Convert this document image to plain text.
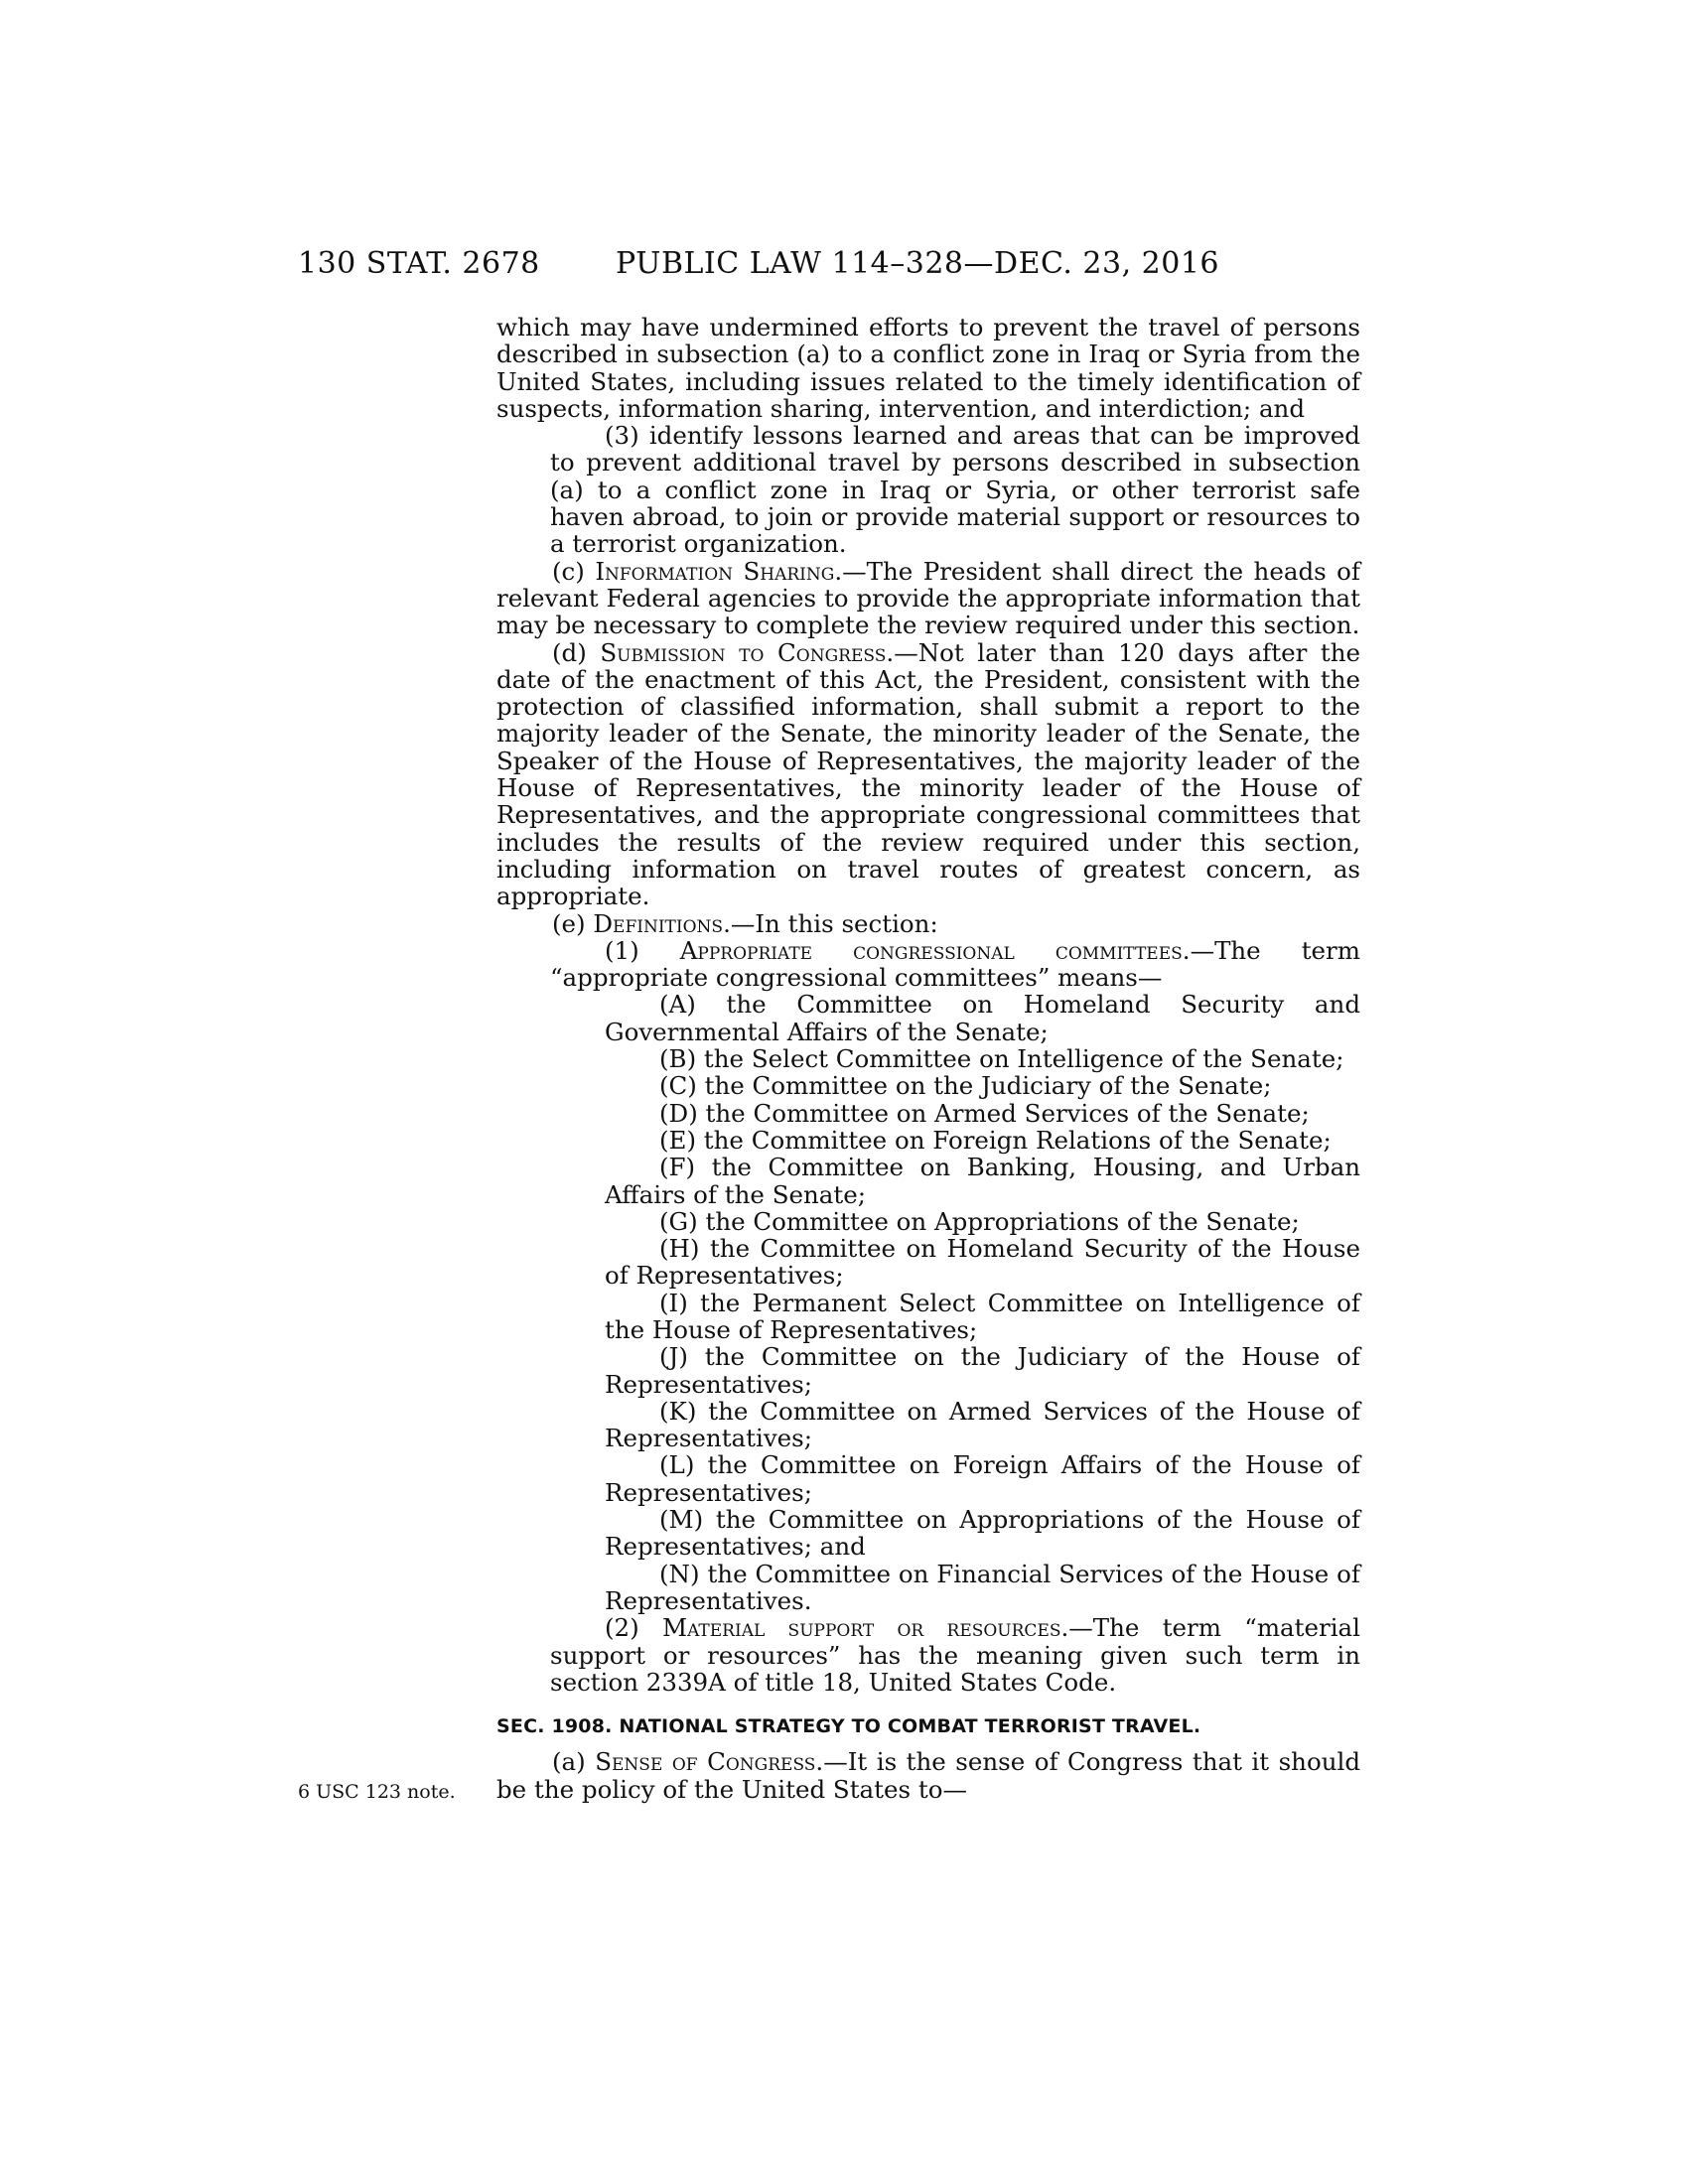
130 STAT. 2678	PUBLIC LAW 114–328—DEC. 23, 2016
6 USC 123 note.

which may have undermined efforts to prevent the travel of persons described in subsection (a) to a conflict zone in Iraq or Syria from the United States, including issues related to the timely identification of suspects, information sharing, intervention, and interdiction; and

(3) identify lessons learned and areas that can be improved to prevent additional travel by persons described in subsection (a) to a conflict zone in Iraq or Syria, or other terrorist safe haven abroad, to join or provide material support or resources to a terrorist organization.

(c) Information Sharing.—The President shall direct the heads of relevant Federal agencies to provide the appropriate information that may be necessary to complete the review required under this section.

(d) Submission to Congress.—Not later than 120 days after the date of the enactment of this Act, the President, consistent with the protection of classified information, shall submit a report to the majority leader of the Senate, the minority leader of the Senate, the Speaker of the House of Representatives, the majority leader of the House of Representatives, the minority leader of the House of Representatives, and the appropriate congressional committees that includes the results of the review required under this section, including information on travel routes of greatest concern, as appropriate.

(e) Definitions.—In this section:

(1) Appropriate congressional committees.—The term “appropriate congressional committees” means—

(A) the Committee on Homeland Security and Governmental Affairs of the Senate;

(B) the Select Committee on Intelligence of the Senate;

(C) the Committee on the Judiciary of the Senate;

(D) the Committee on Armed Services of the Senate;

(E) the Committee on Foreign Relations of the Senate;

(F) the Committee on Banking, Housing, and Urban Affairs of the Senate;

(G) the Committee on Appropriations of the Senate;

(H) the Committee on Homeland Security of the House of Representatives;

(I) the Permanent Select Committee on Intelligence of the House of Representatives;

(J) the Committee on the Judiciary of the House of Representatives;

(K) the Committee on Armed Services of the House of Representatives;

(L) the Committee on Foreign Affairs of the House of Representatives;

(M) the Committee on Appropriations of the House of Representatives; and

(N) the Committee on Financial Services of the House of Representatives.

(2) Material support or resources.—The term “material support or resources” has the meaning given such term in section 2339A of title 18, United States Code.

SEC. 1908. NATIONAL STRATEGY TO COMBAT TERRORIST TRAVEL.

(a) Sense of Congress.—It is the sense of Congress that it should be the policy of the United States to—
